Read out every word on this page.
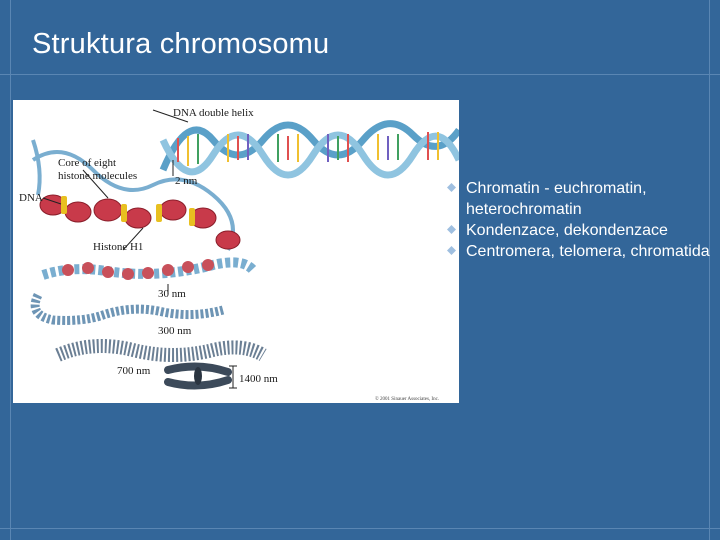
Struktura chromosomu
DNA double helix
Core of eight
histone molecules
DNA
2 nm
Histone H1
30 nm
300 nm
700 nm
1400 nm
© 2001 Sinauer Associates, Inc.
Chromatin - euchromatin, heterochromatin
Kondenzace, dekondenzace
Centromera, telomera, chromatida
